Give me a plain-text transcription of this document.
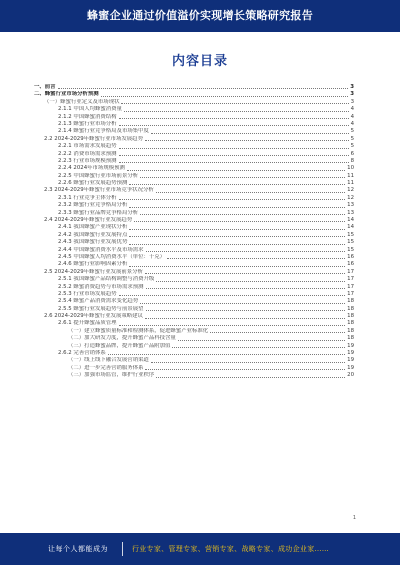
蜂蜜企业通过价值溢价实现增长策略研究报告
内容目录
一、前言	3
二、蜂蜜行业市场分析预测	3
（一）蜂蜜行业定义及市场现状	3
2.1.1 中国人均蜂蜜消费量	4
2.1.2 中国蜂蜜消费结构	4
2.1.3 蜂蜜行业市场分析	4
2.1.4 蜂蜜行业竞争格局及市场集中度	5
2.2 2024-2029年蜂蜜行业市场发展趋势	5
2.2.1 市场需求发展趋势	5
2.2.2 消费市场需求预测	6
2.2.3 行业市场规模预测	8
2.2.4 2024年市场规模预测	10
2.2.5 中国蜂蜜行业市场前景分析	11
2.2.6 蜂蜜行业发展趋势预测	11
2.3 2024-2029年蜂蜜行业市场竞争状况分析	12
2.3.1 行业竞争主体分析	12
2.3.2 蜂蜜行业竞争格局分析	13
2.3.3 蜂蜜行业品牌竞争格局分析	13
2.4 2024-2029年蜂蜜行业发展趋势	14
2.4.1 我国蜂蜜产业现状分析	14
2.4.2 我国蜂蜜行业发展特点	15
2.4.3 我国蜂蜜行业发展优势	15
2.4.4 中国蜂蜜消费水平及市场需求	15
2.4.5 中国蜂蜜人均消费水平（单位：千克）	16
2.4.6 蜂蜜行业影响因素分析	16
2.5 2024-2029年蜂蜜行业发展前景分析	17
2.5.1 我国蜂蜜产品结构调整与消费升级	17
2.5.2 蜂蜜消费趋势与市场需求预测	17
2.5.3 行业市场发展趋势	17
2.5.4 蜂蜜产品消费需求变化趋势	18
2.5.5 蜂蜜行业发展趋势与前景展望	18
2.6 2024-2029年蜂蜜行业发展策略建议	18
2.6.1 提升蜂蜜品质管理	18
（一）建立蜂蜜质量标准和检测体系，促进蜂蜜产业标准化	18
（二）加大研发力度，提升蜂蜜产品科技含量	18
（三）打造蜂蜜品牌，提升蜂蜜产品附加值	19
2.6.2 完善营销体系	19
（一）线上线下融合发展营销渠道	19
（二）进一步完善营销服务体系	19
（三）加强市场监管，维护行业秩序	20
1
让每个人都能成为	行业专家、管理专家、营销专家、战略专家、成功企业家……
